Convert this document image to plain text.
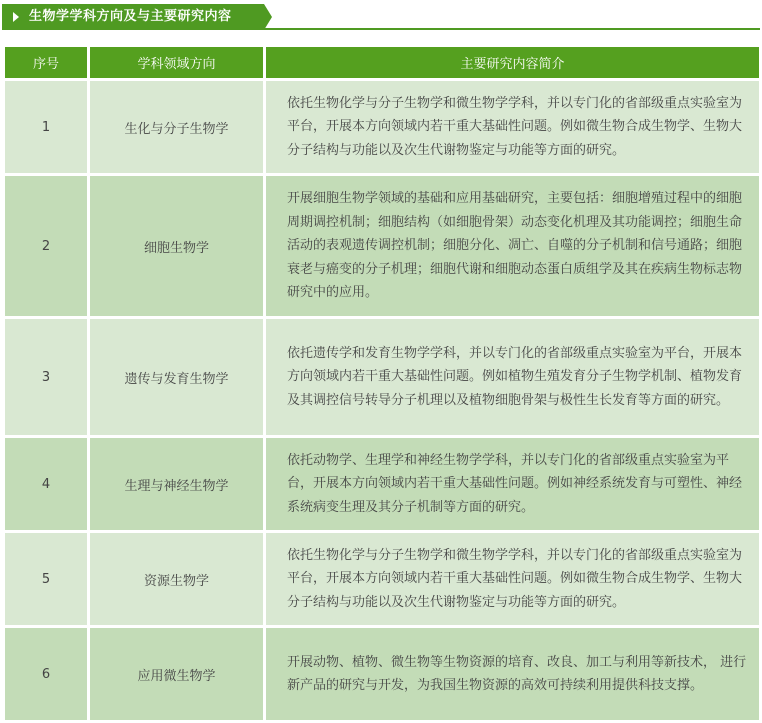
生物学学科方向及与主要研究内容
序号	学科领域方向	主要研究内容简介
1	生化与分子生物学	依托生物化学与分子生物学和微生物学学科，并以专门化的省部级重点实验室为平台，开展本方向领域内若干重大基础性问题。例如微生物合成生物学、生物大分子结构与功能以及次生代谢物鉴定与功能等方面的研究。
2	细胞生物学	开展细胞生物学领域的基础和应用基础研究，主要包括：细胞增殖过程中的细胞周期调控机制；细胞结构（如细胞骨架）动态变化机理及其功能调控；细胞生命活动的表观遗传调控机制；细胞分化、凋亡、自噬的分子机制和信号通路；细胞衰老与癌变的分子机理；细胞代谢和细胞动态蛋白质组学及其在疾病生物标志物研究中的应用。
3	遗传与发育生物学	依托遗传学和发育生物学学科，并以专门化的省部级重点实验室为平台，开展本方向领域内若干重大基础性问题。例如植物生殖发育分子生物学机制、植物发育及其调控信号转导分子机理以及植物细胞骨架与极性生长发育等方面的研究。
4	生理与神经生物学	依托动物学、生理学和神经生物学学科，并以专门化的省部级重点实验室为平台，开展本方向领域内若干重大基础性问题。例如神经系统发育与可塑性、神经系统病变生理及其分子机制等方面的研究。
5	资源生物学	依托生物化学与分子生物学和微生物学学科，并以专门化的省部级重点实验室为平台，开展本方向领域内若干重大基础性问题。例如微生物合成生物学、生物大分子结构与功能以及次生代谢物鉴定与功能等方面的研究。
6	应用微生物学	开展动物、植物、微生物等生物资源的培育、改良、加工与利用等新技术， 进行新产品的研究与开发，为我国生物资源的高效可持续利用提供科技支撑。
